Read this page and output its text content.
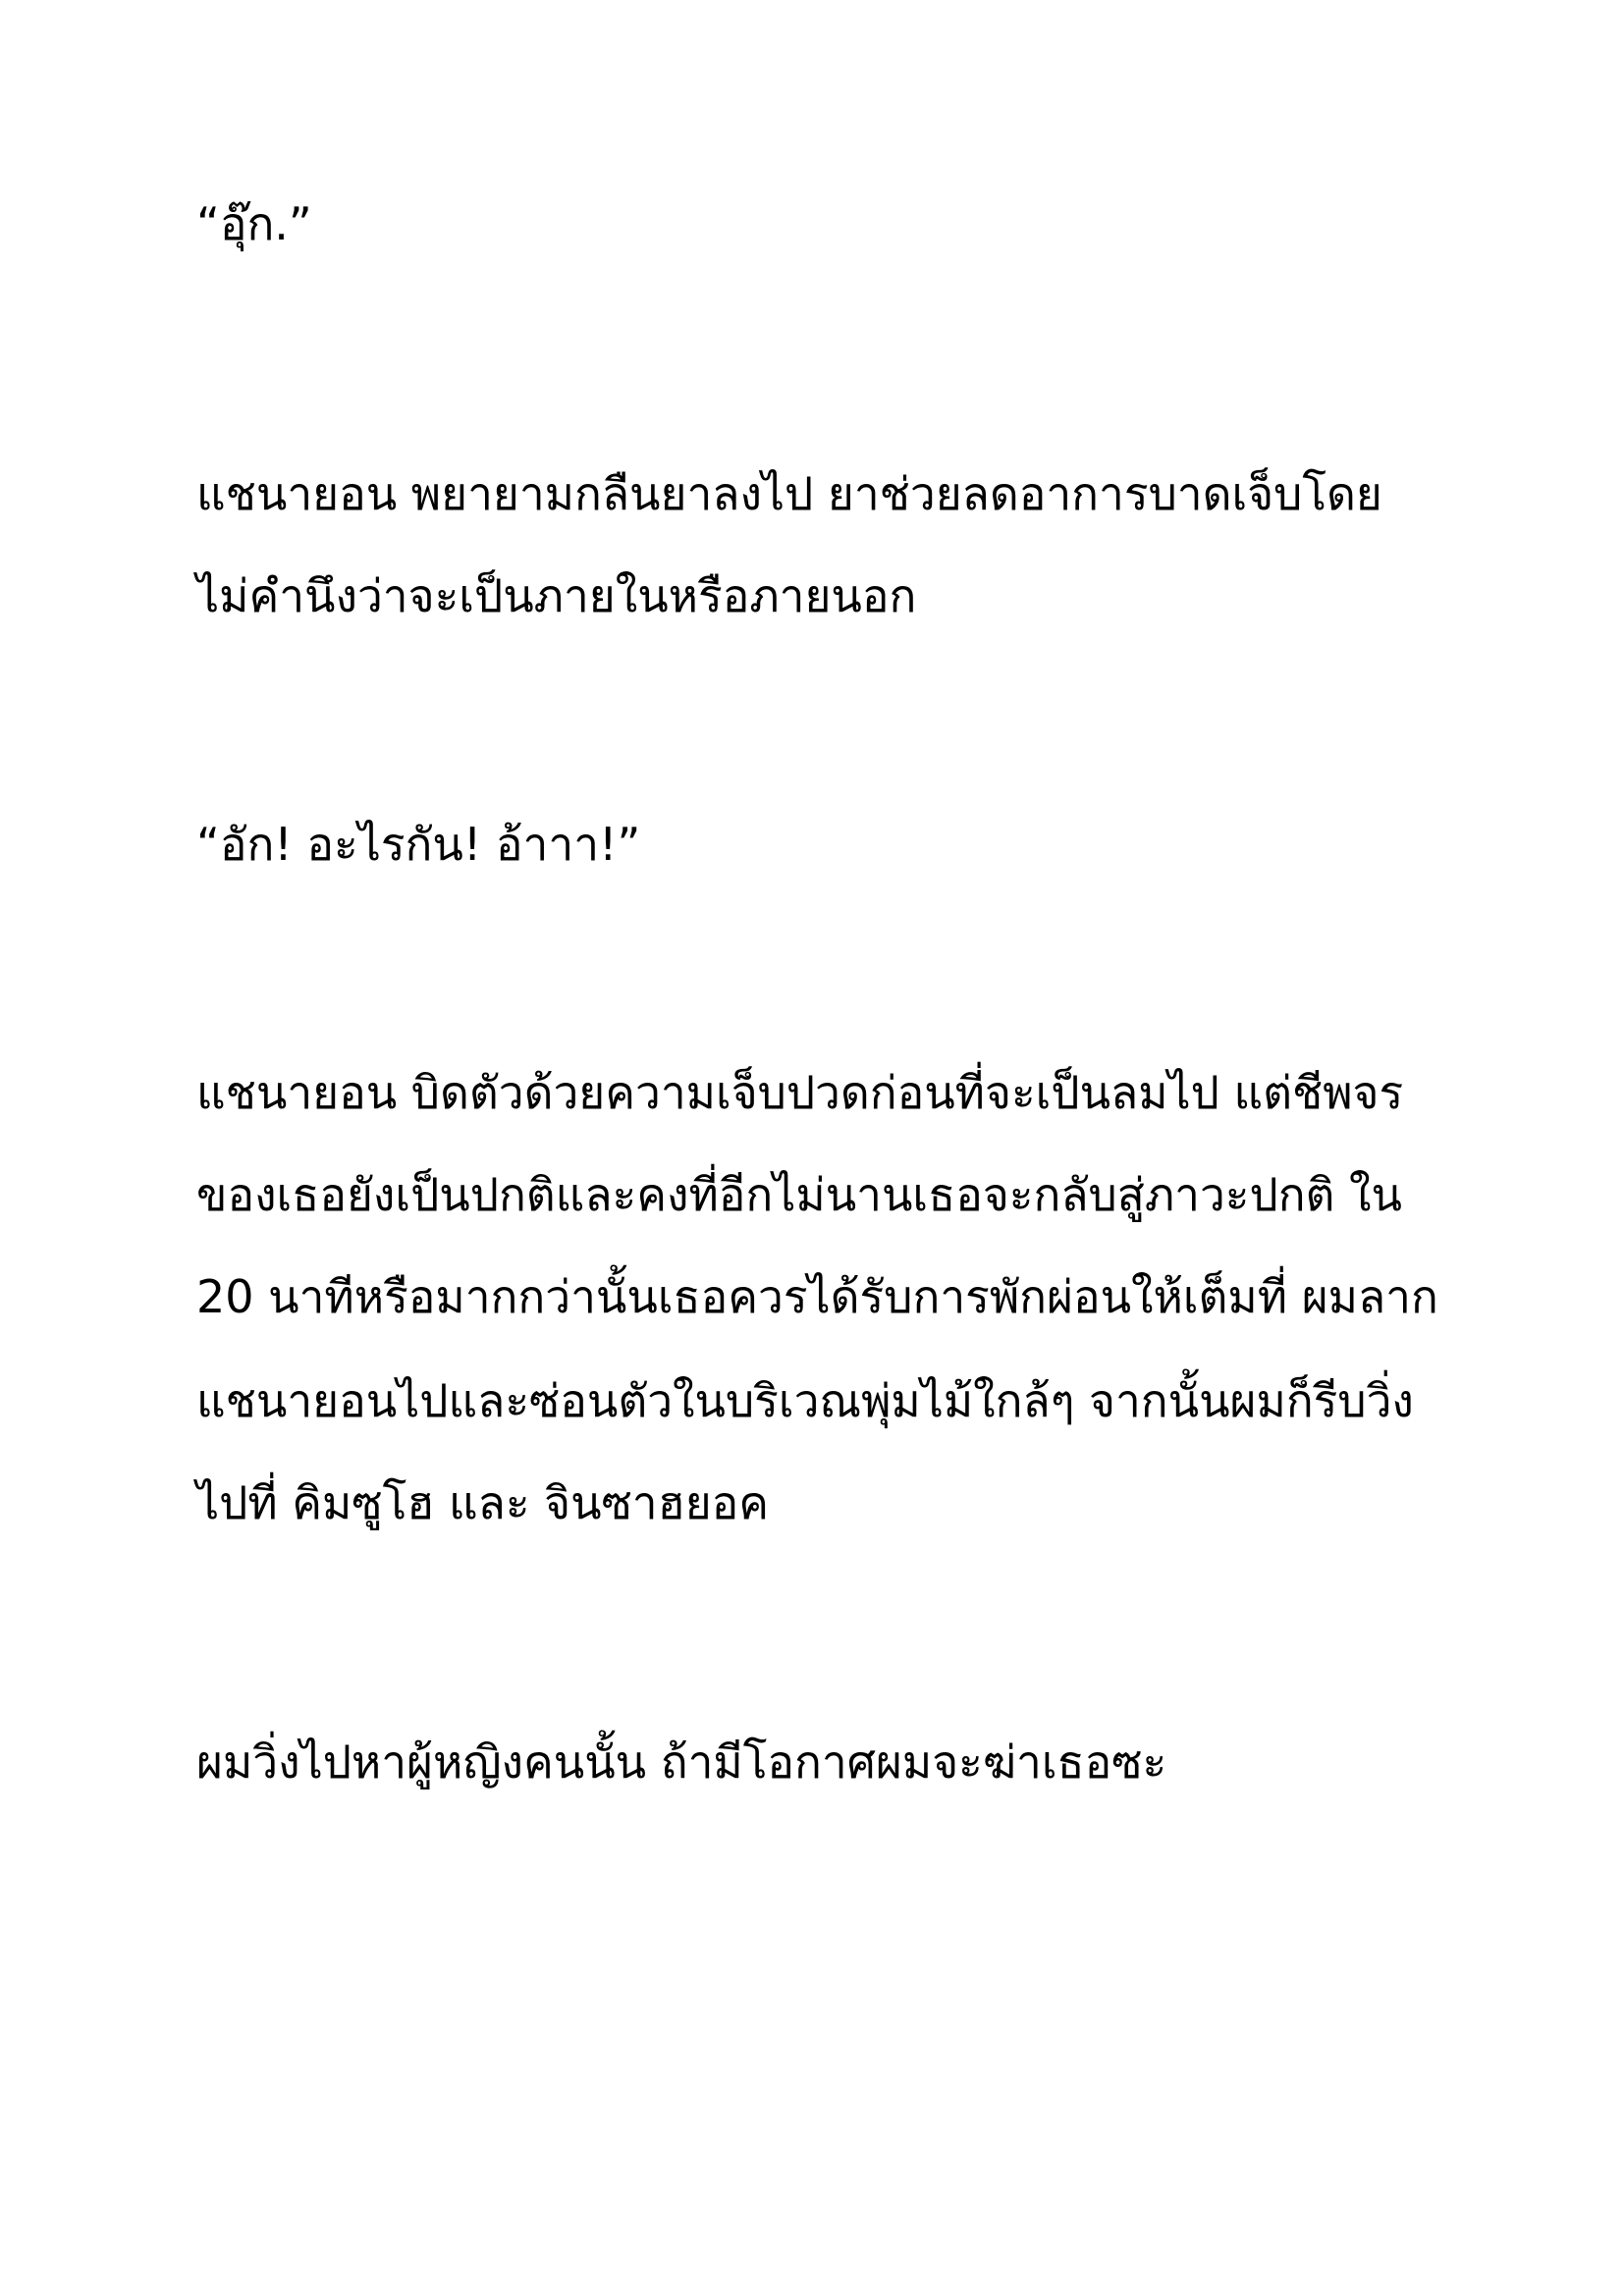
“อุ๊ก.”

แชนายอน พยายามกลืนยาลงไป ยาช่วยลดอาการบาดเจ็บโดย
ไม่คำนึงว่าจะเป็นภายในหรือภายนอก

“อัก! อะไรกัน! อ้าาา!”

แชนายอน บิดตัวด้วยความเจ็บปวดก่อนที่จะเป็นลมไป แต่ชีพจร
ของเธอยังเป็นปกติและคงที่อีกไม่นานเธอจะกลับสู่ภาวะปกติ ใน
20 นาทีหรือมากกว่านั้นเธอควรได้รับการพักผ่อนให้เต็มที่ ผมลาก
แชนายอนไปและซ่อนตัวในบริเวณพุ่มไม้ใกล้ๆ จากนั้นผมก็รีบวิ่ง
ไปที่ คิมซูโฮ และ จินซาฮยอค

ผมวิ่งไปหาผู้หญิงคนนั้น ถ้ามีโอกาศผมจะฆ่าเธอซะ
